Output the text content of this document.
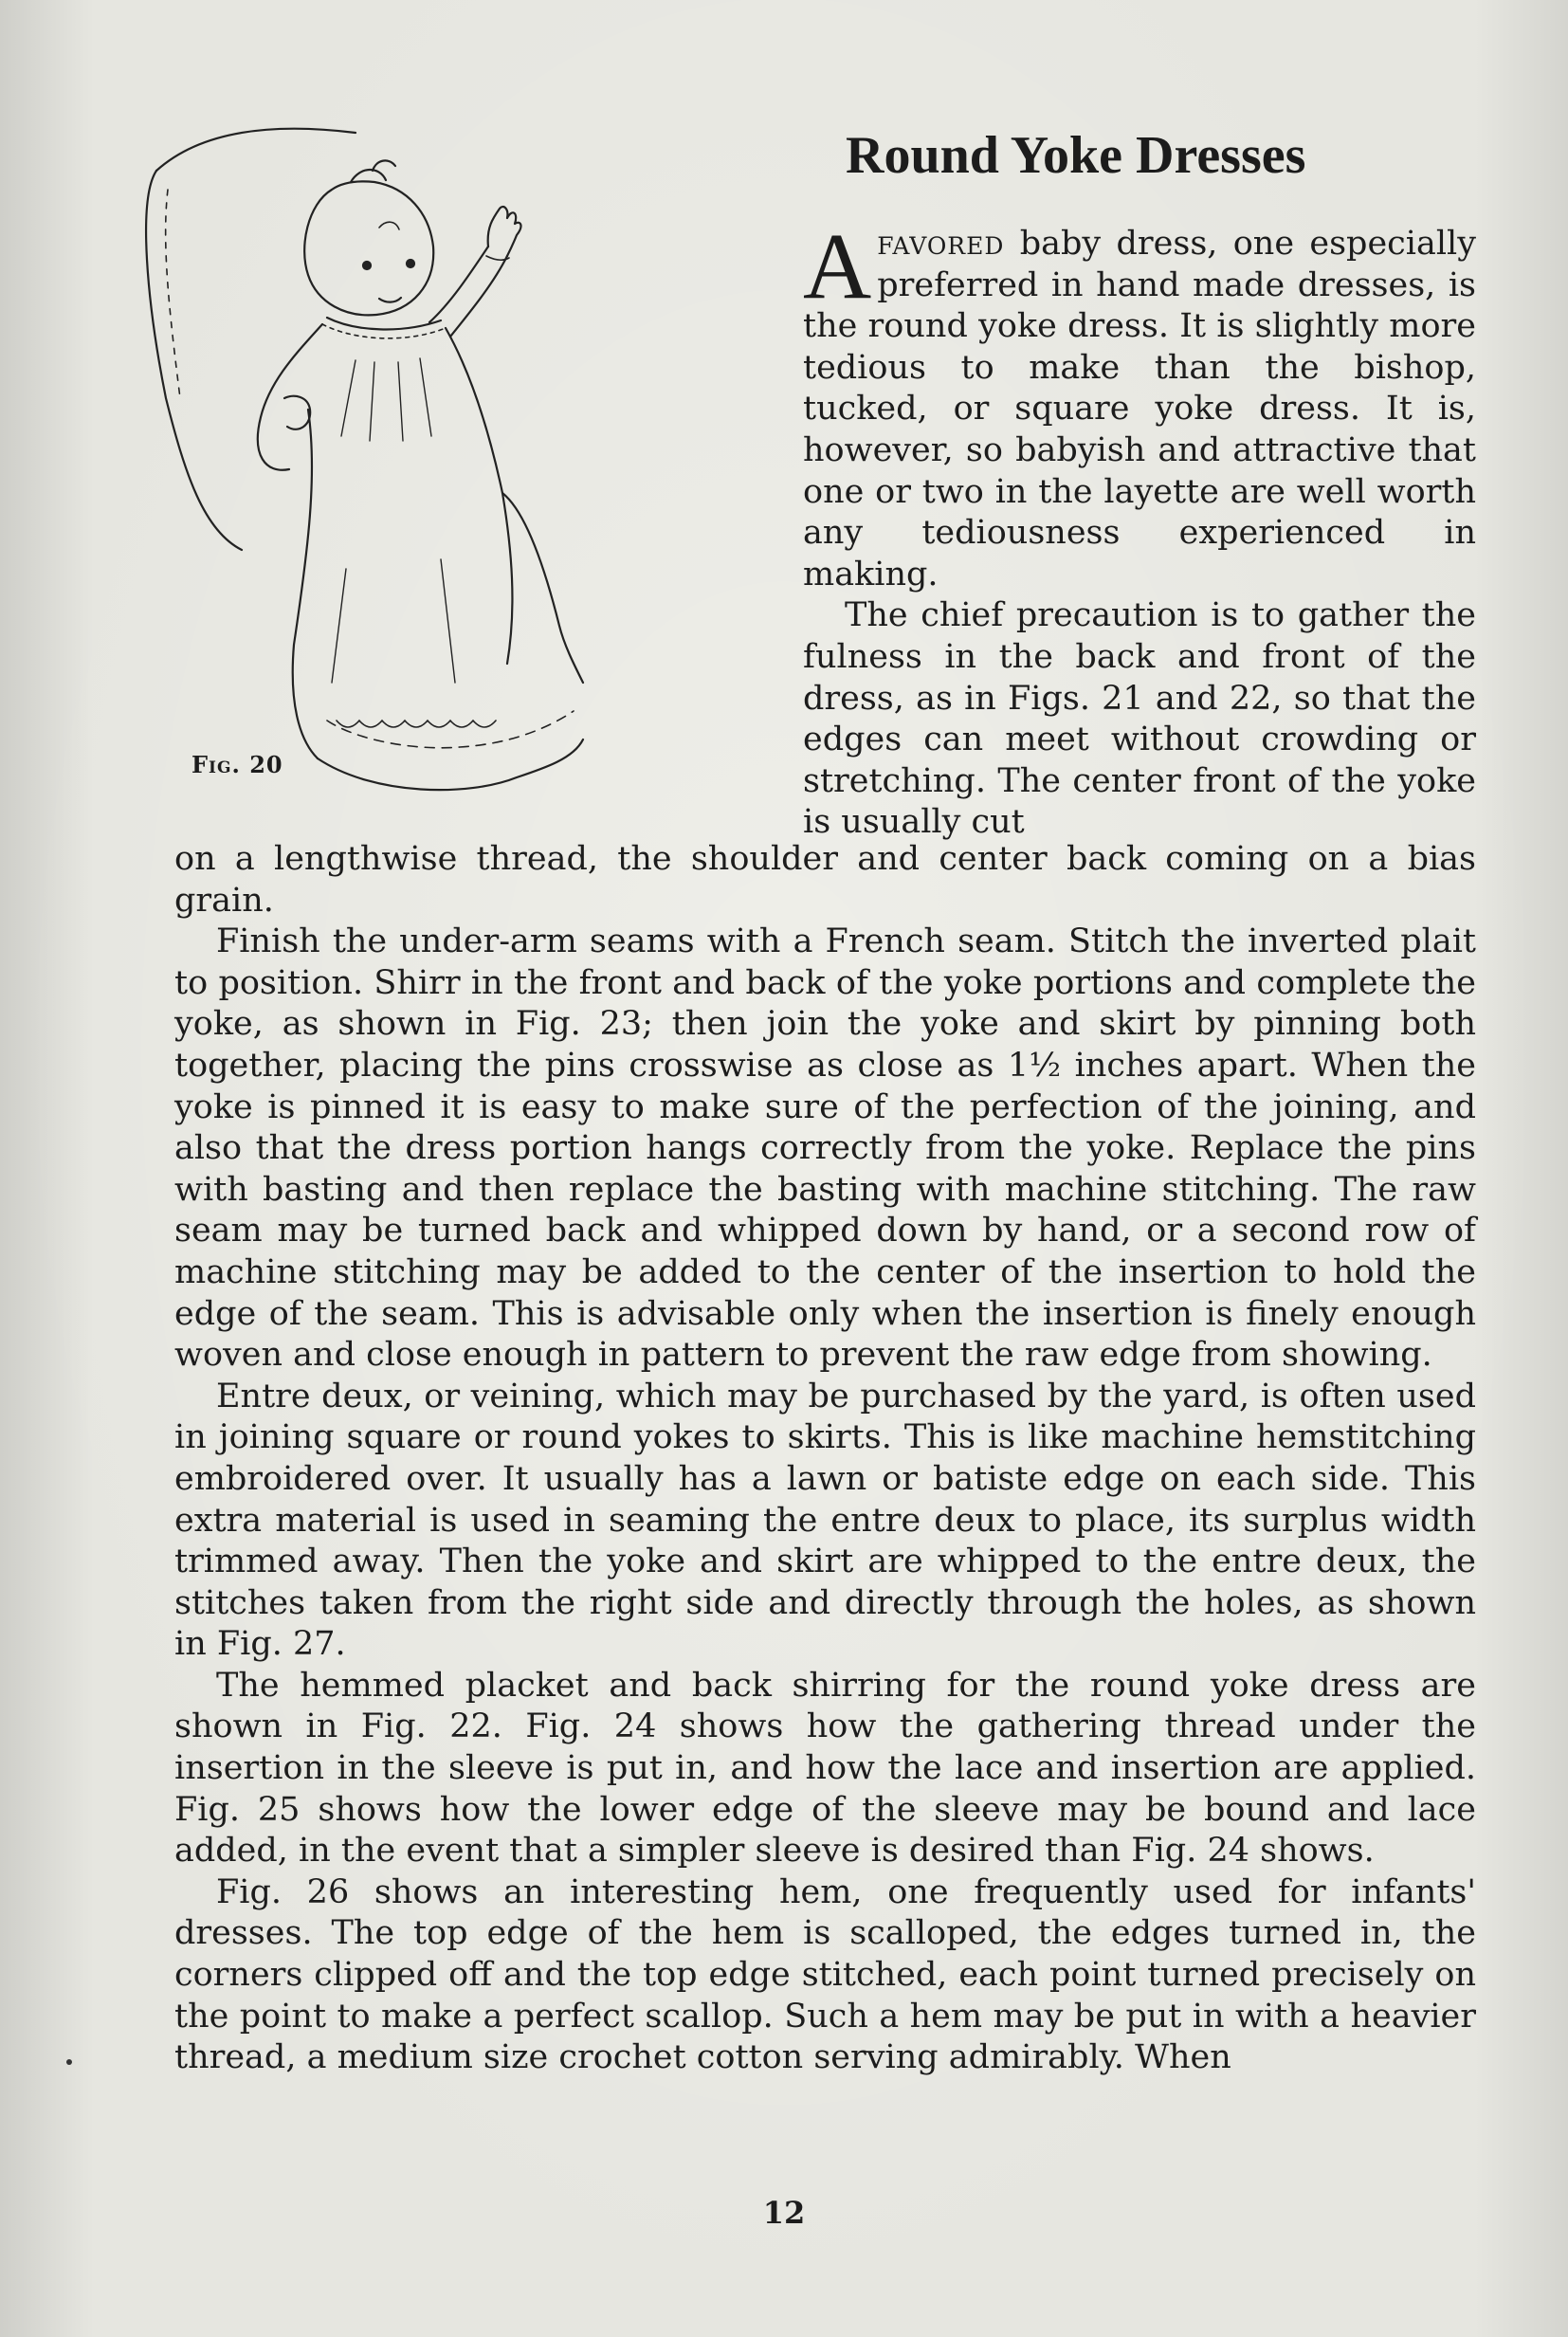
Fig. 20
Round Yoke Dresses

Afavored baby dress, one especially preferred in hand made dresses, is the round yoke dress. It is slightly more tedious to make than the bishop, tucked, or square yoke dress. It is, however, so babyish and attractive that one or two in the layette are well worth any tediousness experienced in making.

The chief precaution is to gather the fulness in the back and front of the dress, as in Figs. 21 and 22, so that the edges can meet without crowding or stretching. The center front of the yoke is usually cut

on a lengthwise thread, the shoulder and center back coming on a bias grain.

Finish the under-arm seams with a French seam. Stitch the inverted plait to position. Shirr in the front and back of the yoke portions and complete the yoke, as shown in Fig. 23; then join the yoke and skirt by pinning both together, placing the pins crosswise as close as 1½ inches apart. When the yoke is pinned it is easy to make sure of the perfection of the joining, and also that the dress portion hangs correctly from the yoke. Replace the pins with basting and then replace the basting with machine stitching. The raw seam may be turned back and whipped down by hand, or a second row of machine stitching may be added to the center of the insertion to hold the edge of the seam. This is advisable only when the insertion is finely enough woven and close enough in pattern to prevent the raw edge from showing.

Entre deux, or veining, which may be purchased by the yard, is often used in joining square or round yokes to skirts. This is like machine hemstitching embroidered over. It usually has a lawn or batiste edge on each side. This extra material is used in seaming the entre deux to place, its surplus width trimmed away. Then the yoke and skirt are whipped to the entre deux, the stitches taken from the right side and directly through the holes, as shown in Fig. 27.

The hemmed placket and back shirring for the round yoke dress are shown in Fig. 22. Fig. 24 shows how the gathering thread under the insertion in the sleeve is put in, and how the lace and insertion are applied. Fig. 25 shows how the lower edge of the sleeve may be bound and lace added, in the event that a simpler sleeve is desired than Fig. 24 shows.

Fig. 26 shows an interesting hem, one frequently used for infants' dresses. The top edge of the hem is scalloped, the edges turned in, the corners clipped off and the top edge stitched, each point turned precisely on the point to make a perfect scallop. Such a hem may be put in with a heavier thread, a medium size crochet cotton serving admirably. When

12
